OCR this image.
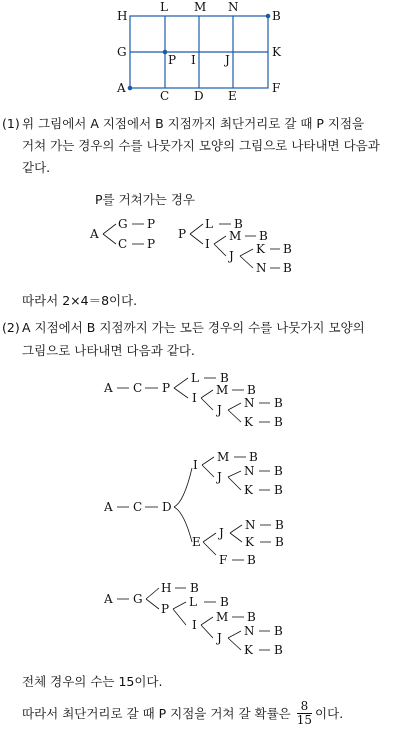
H
L M N
B
G
P I J
K
A
C D E
F
(1) 위 그림에서 A 지점에서 B 지점까지 최단거리로 갈 때 P 지점을
거쳐 가는 경우의 수를 나뭇가지 모양의 그림으로 나타내면 다음과
같다.
P를 거쳐가는 경우
A
G P
C P
P
L B
I
M B
J K B
N B
따라서 2×4＝8이다.
(2) A 지점에서 B 지점까지 가는 모든 경우의 수를 나뭇가지 모양의
그림으로 나타내면 다음과 같다.
A C P
L B
I
M B
J N B
K B
A C D
I
M B
J N B
K B
E
J
N B
K B
F B
A G
H B
P L B
I
M B
J N B
K B
전체 경우의 수는 15이다.
따라서 최단거리로 갈 때 P 지점을 거쳐 갈 확률은 $\frac{8}{15}$ 이다.
